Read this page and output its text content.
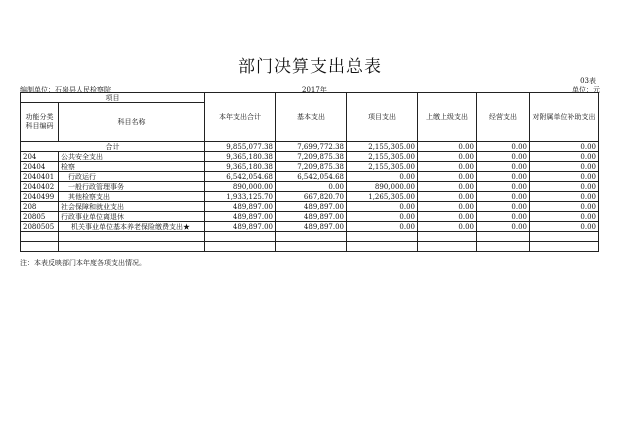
部门决算支出总表
03表
编制单位：石泉县人民检察院	2017年	单位：元
项目		本年支出合计	基本支出	项目支出	上缴上级支出	经营支出	对附属单位补助支出
功能分类科目编码	科目名称						
合计		9,855,077.38	7,699,772.38	2,155,305.00	0.00	0.00	0.00
204	公共安全支出	9,365,180.38	7,209,875.38	2,155,305.00	0.00	0.00	0.00
20404	检察	9,365,180.38	7,209,875.38	2,155,305.00	0.00	0.00	0.00
2040401	行政运行	6,542,054.68	6,542,054.68	0.00	0.00	0.00	0.00
2040402	一般行政管理事务	890,000.00	0.00	890,000.00	0.00	0.00	0.00
2040499	其他检察支出	1,933,125.70	667,820.70	1,265,305.00	0.00	0.00	0.00
208	社会保障和就业支出	489,897.00	489,897.00	0.00	0.00	0.00	0.00
20805	行政事业单位离退休	489,897.00	489,897.00	0.00	0.00	0.00	0.00
2080505	机关事业单位基本养老保险缴费支出★	489,897.00	489,897.00	0.00	0.00	0.00	0.00

注：本表反映部门本年度各项支出情况。
